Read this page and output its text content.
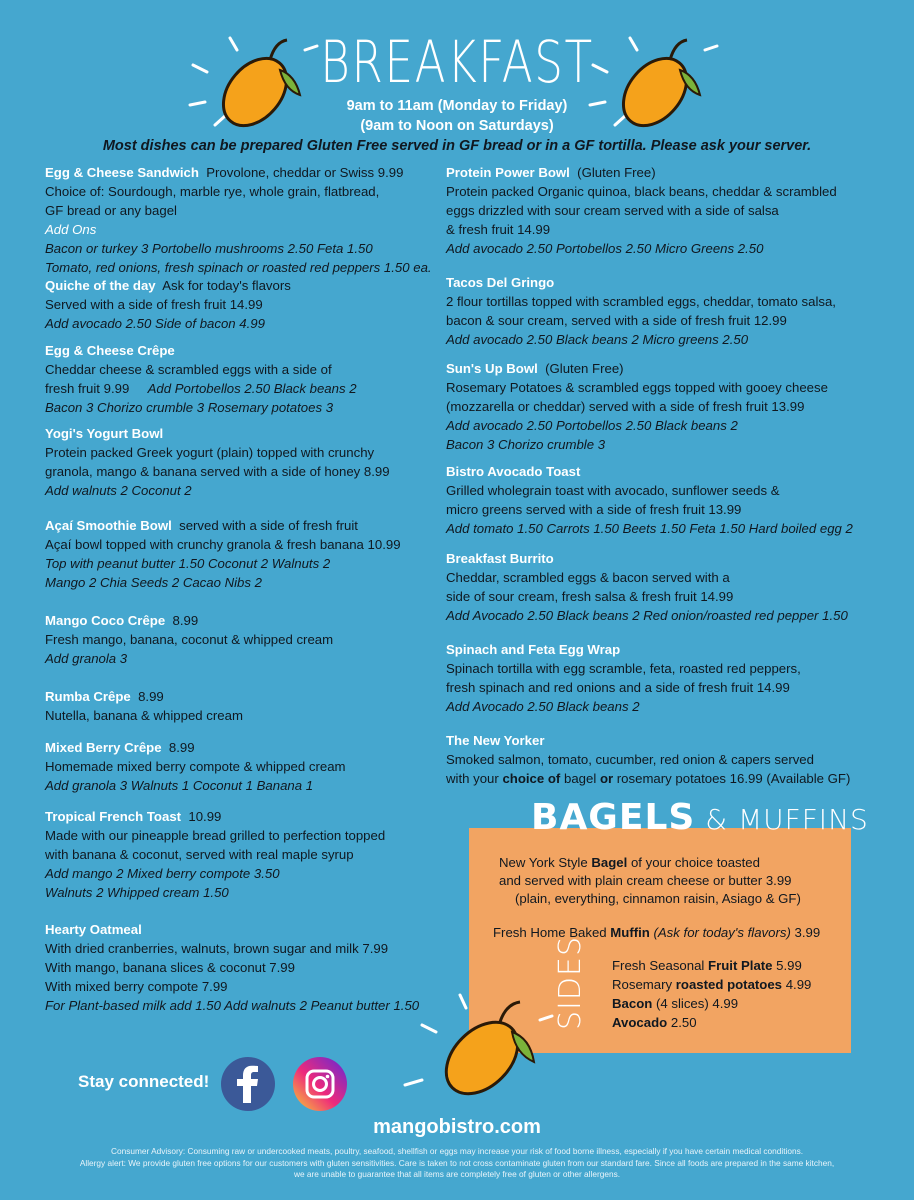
BREAKFAST
9am to 11am (Monday to Friday)
(9am to Noon on Saturdays)
Most dishes can be prepared Gluten Free served in GF bread or in a GF tortilla. Please ask your server.

Egg & Cheese Sandwich Provolone, cheddar or Swiss 9.99

Choice of: Sourdough, marble rye, whole grain, flatbread,

GF bread or any bagel

Add Ons

Bacon or turkey 3 Portobello mushrooms 2.50 Feta 1.50

Tomato, red onions, fresh spinach or roasted red peppers 1.50 ea.

Quiche of the day Ask for today's flavors

Served with a side of fresh fruit 14.99

Add avocado 2.50 Side of bacon 4.99

Egg & Cheese Crêpe

Cheddar cheese & scrambled eggs with a side of

fresh fruit 9.99 Add Portobellos 2.50 Black beans 2

Bacon 3 Chorizo crumble 3 Rosemary potatoes 3

Yogi's Yogurt Bowl

Protein packed Greek yogurt (plain) topped with crunchy

granola, mango & banana served with a side of honey 8.99

Add walnuts 2 Coconut 2

Açaí Smoothie Bowl served with a side of fresh fruit

Açaí bowl topped with crunchy granola & fresh banana 10.99

Top with peanut butter 1.50 Coconut 2 Walnuts 2

Mango 2 Chia Seeds 2 Cacao Nibs 2

Mango Coco Crêpe  8.99

Fresh mango, banana, coconut & whipped cream

Add granola 3

Rumba Crêpe 8.99

Nutella, banana & whipped cream

Mixed Berry Crêpe 8.99

Homemade mixed berry compote & whipped cream

Add granola 3 Walnuts 1 Coconut 1 Banana 1

Tropical French Toast 10.99

Made with our pineapple bread grilled to perfection topped

with banana & coconut, served with real maple syrup

Add mango 2 Mixed berry compote 3.50

Walnuts 2 Whipped cream 1.50

Hearty Oatmeal

With dried cranberries, walnuts, brown sugar and milk 7.99

With mango, banana slices & coconut 7.99

With mixed berry compote 7.99

For Plant-based milk add 1.50 Add walnuts 2 Peanut butter 1.50

Protein Power Bowl (Gluten Free)

Protein packed Organic quinoa, black beans, cheddar & scrambled

eggs drizzled with sour cream served with a side of salsa

& fresh fruit 14.99

Add avocado 2.50 Portobellos 2.50 Micro Greens 2.50

Tacos Del Gringo

2 flour tortillas topped with scrambled eggs, cheddar, tomato salsa,

bacon & sour cream, served with a side of fresh fruit 12.99

Add avocado 2.50 Black beans 2 Micro greens 2.50

Sun's Up Bowl  (Gluten Free)

Rosemary Potatoes & scrambled eggs topped with gooey cheese

(mozzarella or cheddar) served with a side of fresh fruit 13.99

Add avocado 2.50 Portobellos 2.50 Black beans 2

Bacon 3 Chorizo crumble 3

Bistro Avocado Toast

Grilled wholegrain toast with avocado, sunflower seeds &

micro greens served with a side of fresh fruit 13.99

Add tomato 1.50 Carrots 1.50 Beets 1.50 Feta 1.50 Hard boiled egg 2

Breakfast Burrito

Cheddar, scrambled eggs & bacon served with a

side of sour cream, fresh salsa & fresh fruit 14.99

Add Avocado 2.50 Black beans 2 Red onion/roasted red pepper 1.50

Spinach and Feta Egg Wrap

Spinach tortilla with egg scramble, feta, roasted red peppers,

fresh spinach and red onions and a side of fresh fruit 14.99

Add Avocado 2.50 Black beans 2

The New Yorker

Smoked salmon, tomato, cucumber, red onion & capers served

with your choice of bagel or rosemary potatoes 16.99 (Available GF)

BAGELS & MUFFINS
New York Style Bagel of your choice toasted
and served with plain cream cheese or butter 3.99
(plain, everything, cinnamon raisin, Asiago & GF)
Fresh Home Baked Muffin (Ask for today's flavors) 3.99
SIDES Fresh Seasonal Fruit Plate 5.99
Rosemary roasted potatoes 4.99
Bacon (4 slices) 4.99
Avocado 2.50
Stay connected!
mangobistro.com
Consumer Advisory: Consuming raw or undercooked meats, poultry, seafood, shellfish or eggs may increase your risk of food borne illness, especially if you have certain medical conditions.
Allergy alert: We provide gluten free options for our customers with gluten sensitivities. Care is taken to not cross contaminate gluten from our standard fare. Since all foods are prepared in the same kitchen,
we are unable to guarantee that all items are completely free of gluten or other allergens.
